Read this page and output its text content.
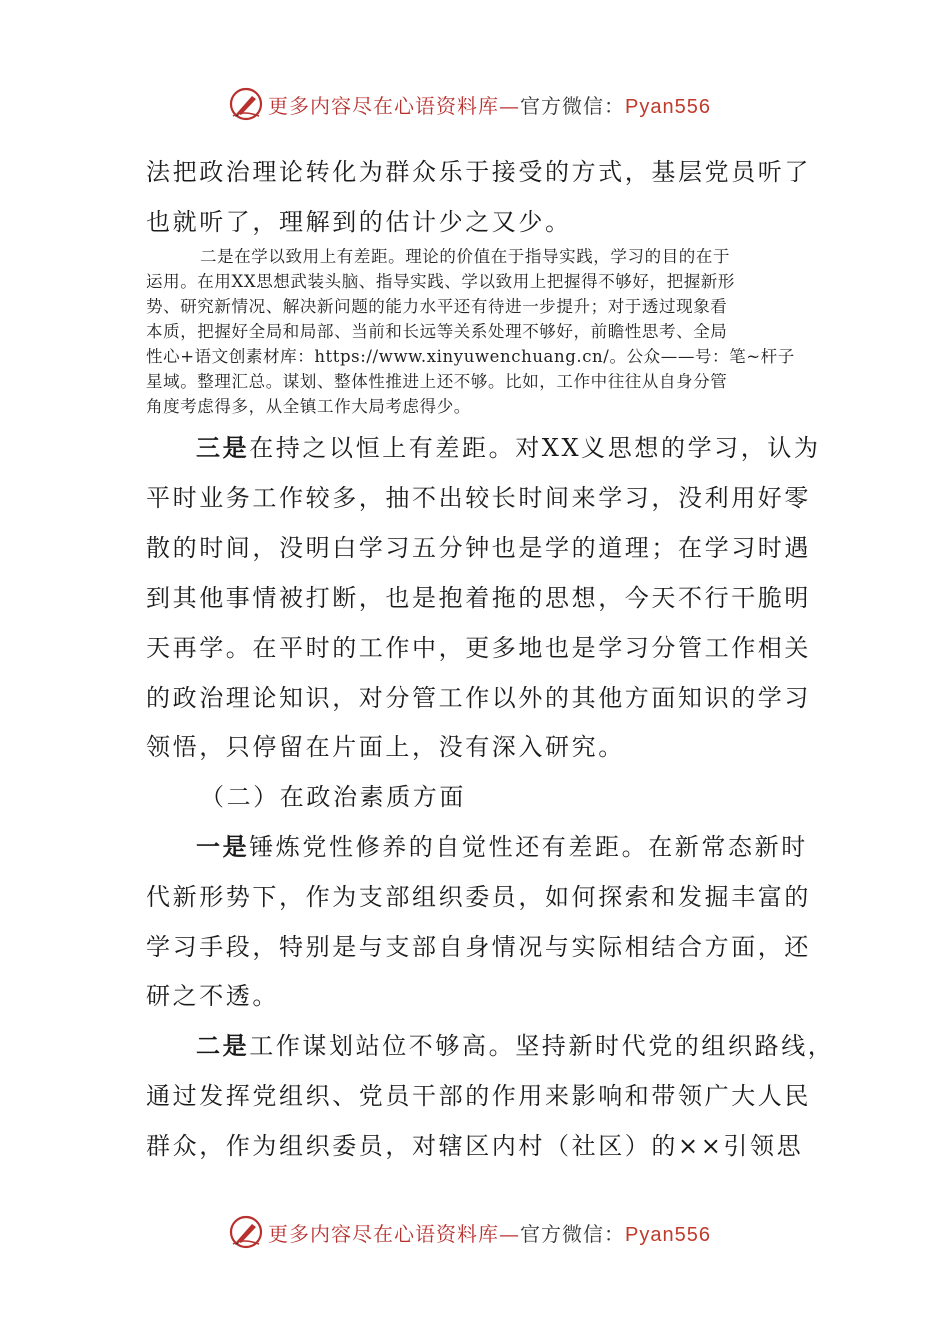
更多内容尽在心语资料库—官方微信：Pyan556
法把政治理论转化为群众乐于接受的方式，基层党员听了
也就听了，理解到的估计少之又少。

二是在学以致用上有差距。理论的价值在于指导实践，学习的目的在于

运用。在用XX思想武装头脑、指导实践、学以致用上把握得不够好，把握新形

势、研究新情况、解决新问题的能力水平还有待进一步提升；对于透过现象看

本质，把握好全局和局部、当前和长远等关系处理不够好，前瞻性思考、全局

性心+语文创素材库：https://www.xinyuwenchuang.cn/。公众——号：笔~杆子

星域。整理汇总。谋划、整体性推进上还不够。比如，工作中往往从自身分管

角度考虑得多，从全镇工作大局考虑得少。

三是在持之以恒上有差距。对XX义思想的学习，认为
平时业务工作较多，抽不出较长时间来学习，没利用好零
散的时间，没明白学习五分钟也是学的道理；在学习时遇
到其他事情被打断，也是抱着拖的思想，今天不行干脆明
天再学。在平时的工作中，更多地也是学习分管工作相关
的政治理论知识，对分管工作以外的其他方面知识的学习
领悟，只停留在片面上，没有深入研究。
（二）在政治素质方面
一是锤炼党性修养的自觉性还有差距。在新常态新时
代新形势下，作为支部组织委员，如何探索和发掘丰富的
学习手段，特别是与支部自身情况与实际相结合方面，还
研之不透。
二是工作谋划站位不够高。坚持新时代党的组织路线，
通过发挥党组织、党员干部的作用来影响和带领广大人民
群众，作为组织委员，对辖区内村（社区）的××引领思
更多内容尽在心语资料库—官方微信：Pyan556
